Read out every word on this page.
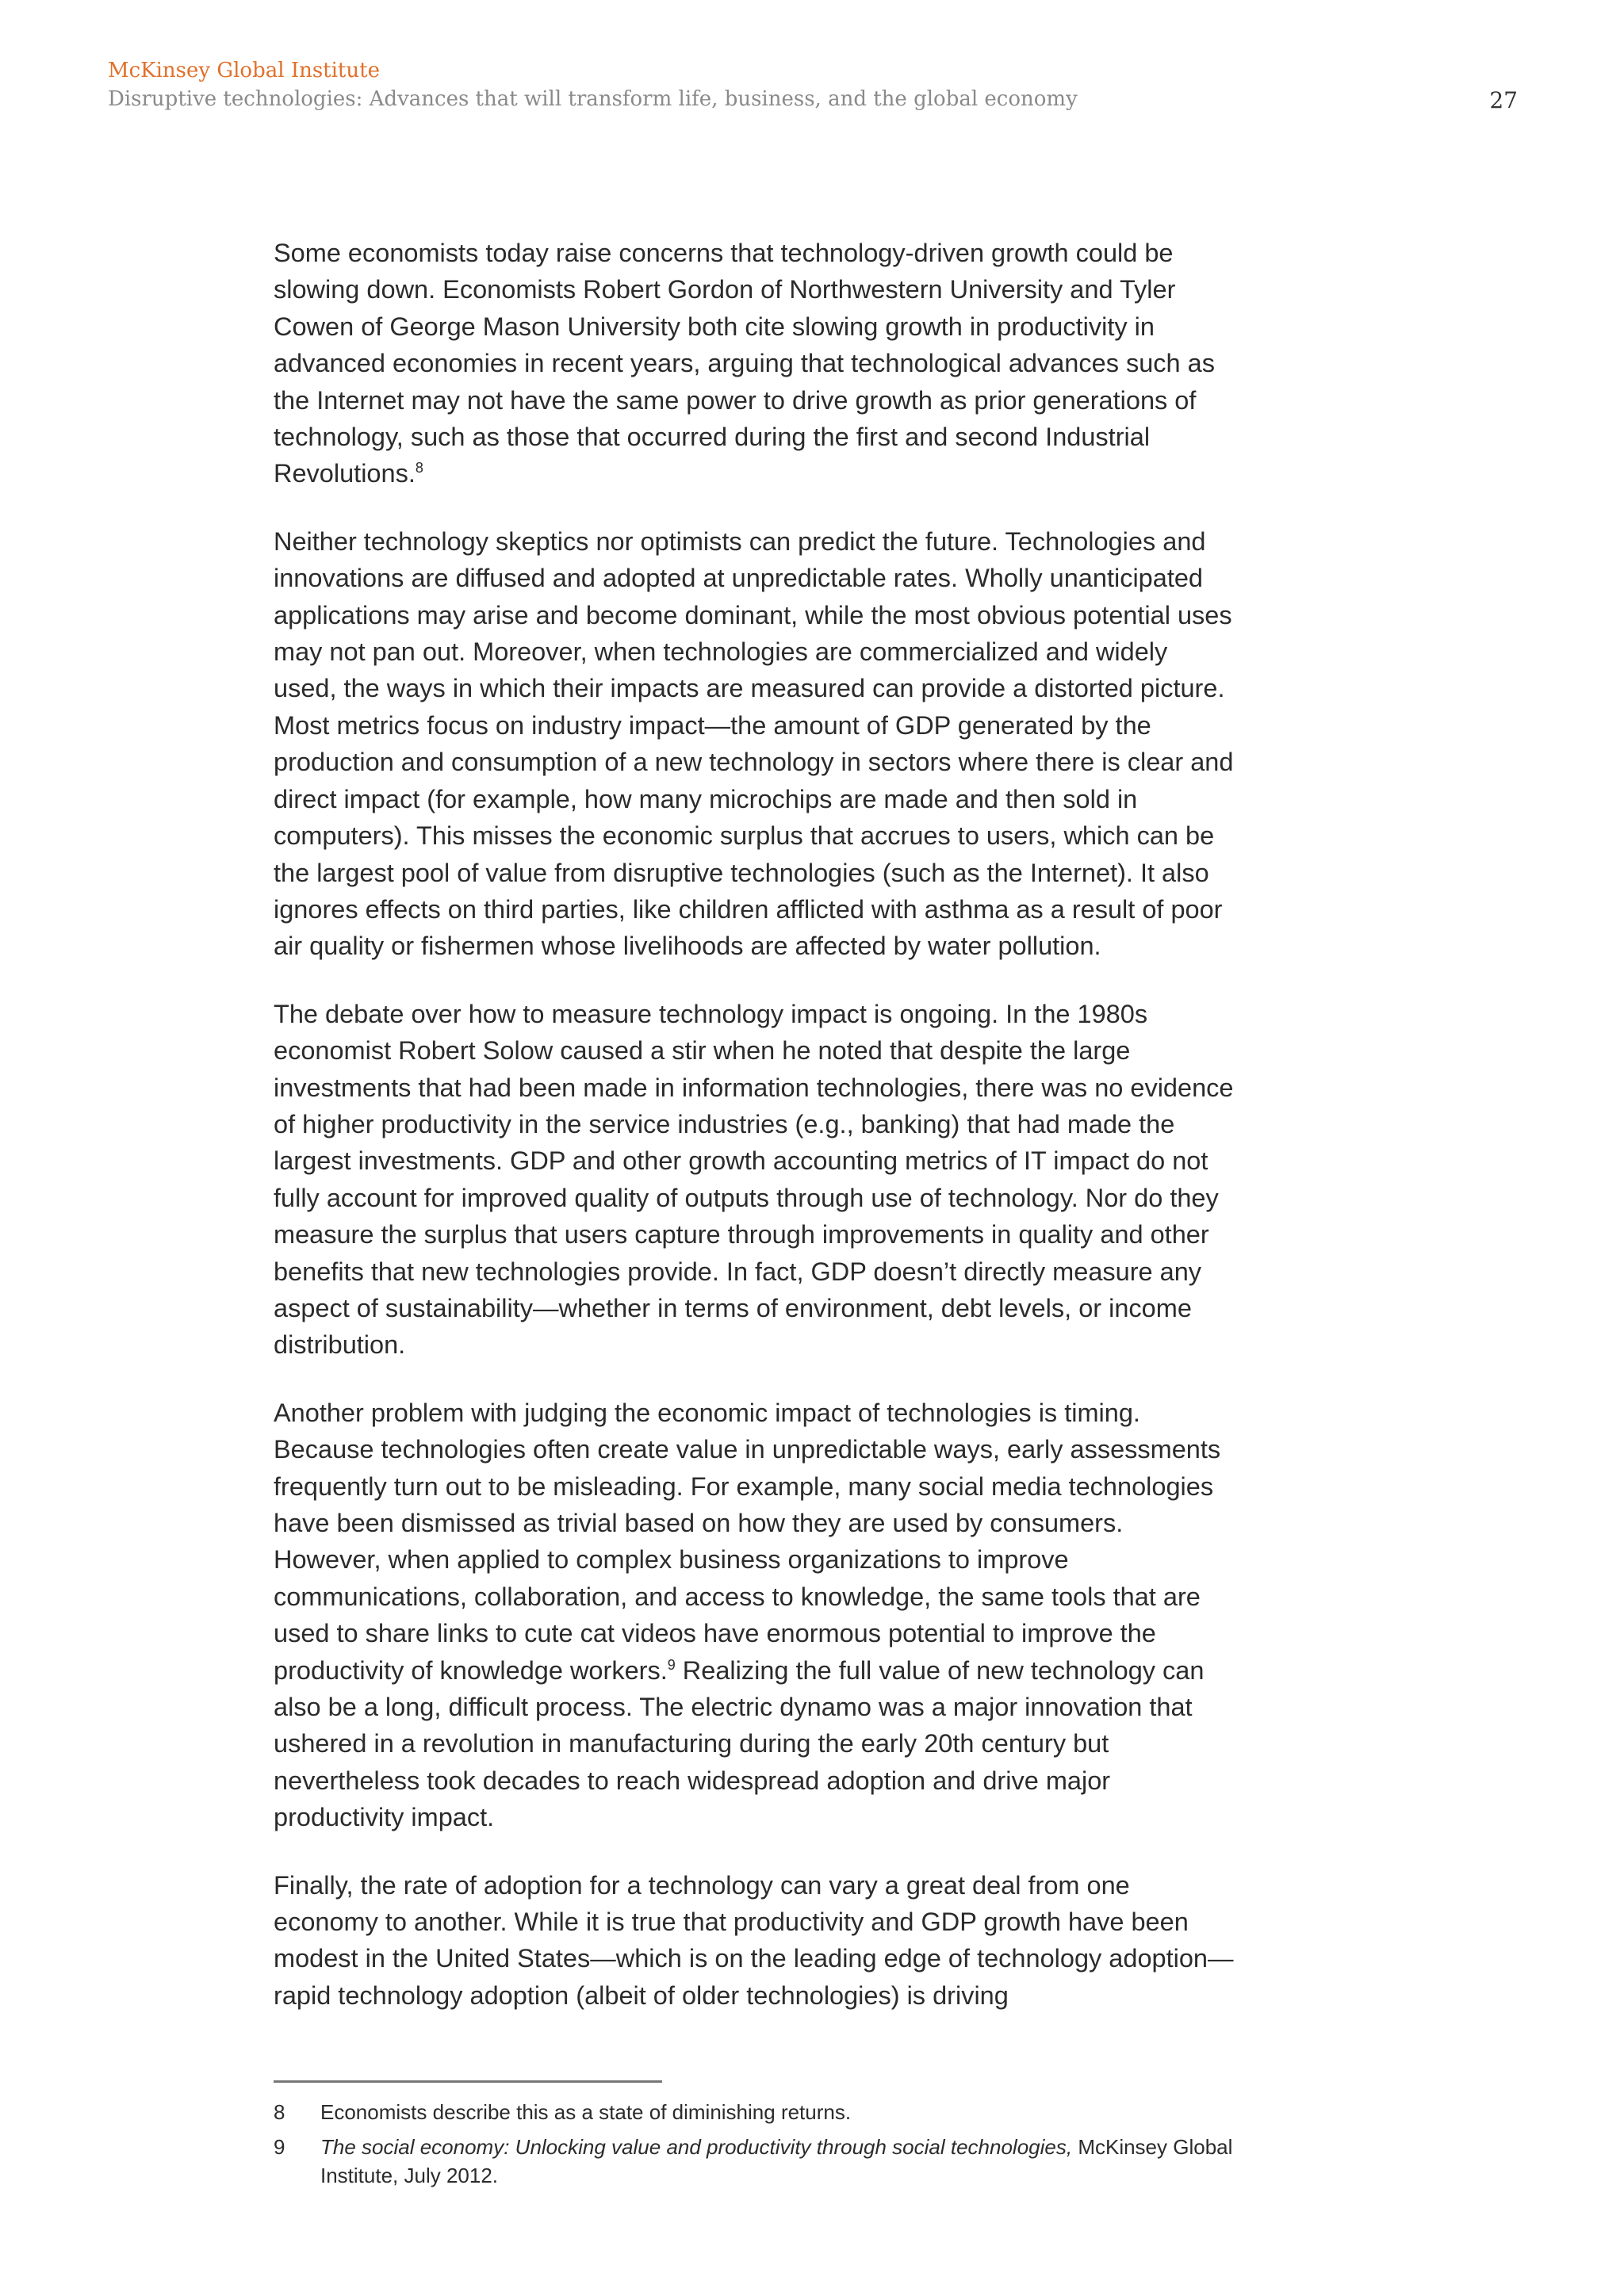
McKinsey Global Institute
Disruptive technologies: Advances that will transform life, business, and the global economy	27

Some economists today raise concerns that technology-driven growth could be slowing down. Economists Robert Gordon of Northwestern University and Tyler Cowen of George Mason University both cite slowing growth in productivity in advanced economies in recent years, arguing that technological advances such as the Internet may not have the same power to drive growth as prior generations of technology, such as those that occurred during the first and second Industrial Revolutions.$^8$

Neither technology skeptics nor optimists can predict the future. Technologies and innovations are diffused and adopted at unpredictable rates. Wholly unanticipated applications may arise and become dominant, while the most obvious potential uses may not pan out. Moreover, when technologies are commercialized and widely used, the ways in which their impacts are measured can provide a distorted picture. Most metrics focus on industry impact—the amount of GDP generated by the production and consumption of a new technology in sectors where there is clear and direct impact (for example, how many microchips are made and then sold in computers). This misses the economic surplus that accrues to users, which can be the largest pool of value from disruptive technologies (such as the Internet). It also ignores effects on third parties, like children afflicted with asthma as a result of poor air quality or fishermen whose livelihoods are affected by water pollution.

The debate over how to measure technology impact is ongoing. In the 1980s economist Robert Solow caused a stir when he noted that despite the large investments that had been made in information technologies, there was no evidence of higher productivity in the service industries (e.g., banking) that had made the largest investments. GDP and other growth accounting metrics of IT impact do not fully account for improved quality of outputs through use of technology. Nor do they measure the surplus that users capture through improvements in quality and other benefits that new technologies provide. In fact, GDP doesn’t directly measure any aspect of sustainability—whether in terms of environment, debt levels, or income distribution.

Another problem with judging the economic impact of technologies is timing. Because technologies often create value in unpredictable ways, early assessments frequently turn out to be misleading. For example, many social media technologies have been dismissed as trivial based on how they are used by consumers. However, when applied to complex business organizations to improve communications, collaboration, and access to knowledge, the same tools that are used to share links to cute cat videos have enormous potential to improve the productivity of knowledge workers.$^9$ Realizing the full value of new technology can also be a long, difficult process. The electric dynamo was a major innovation that ushered in a revolution in manufacturing during the early 20th century but nevertheless took decades to reach widespread adoption and drive major productivity impact.

Finally, the rate of adoption for a technology can vary a great deal from one economy to another. While it is true that productivity and GDP growth have been modest in the United States—which is on the leading edge of technology adoption—rapid technology adoption (albeit of older technologies) is driving

8	Economists describe this as a state of diminishing returns.
9	The social economy: Unlocking value and productivity through social technologies, McKinsey Global Institute, July 2012.
